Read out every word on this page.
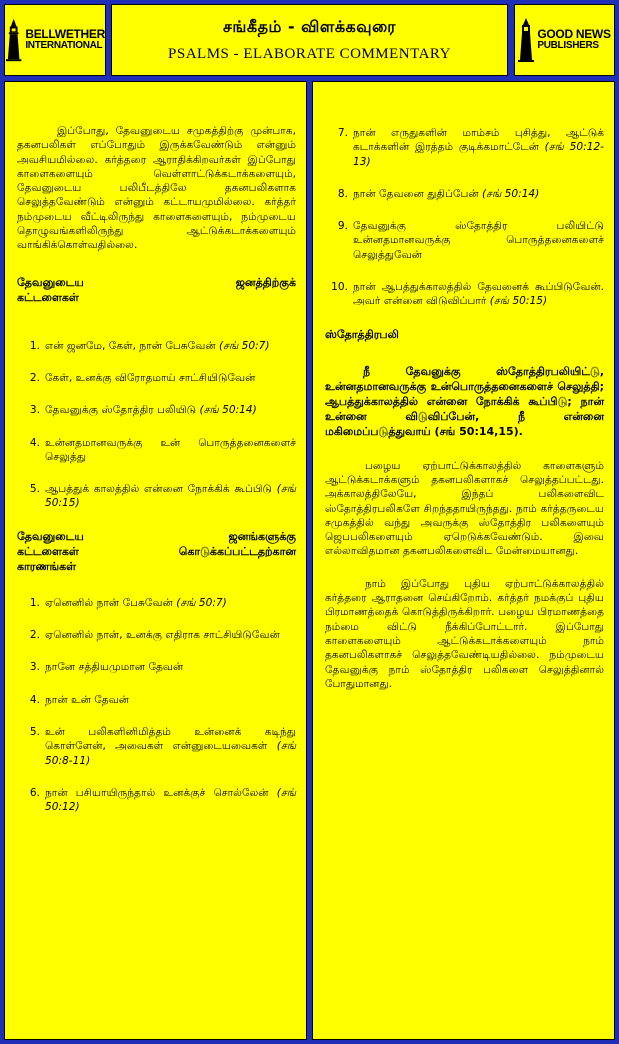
BELLWETHER
INTERNATIONAL
சங்கீதம் - விளக்கவுரை
PSALMS - ELABORATE COMMENTARY
GOOD NEWS
PUBLISHERS

இப்போது, தேவனுடைய சமுகத்திற்கு முன்பாக, தகனபலிகள் எப்போதும் இருக்கவேண்டும் என்னும் அவசியமில்லை. கர்த்தரை ஆராதிக்கிறவர்கள் இப்போது காளைகளையும் வெள்ளாட்டுக்கடாக்களையும், தேவனுடைய பலிபீடத்திலே தகனபலிகளாக செலுத்தவேண்டும் என்னும் கட்டாயமுமில்லை. கர்த்தர் நம்முடைய வீட்டிலிருந்து காளைகளையும், நம்முடைய தொழுவங்களிலிருந்து ஆட்டுக்கடாக்களையும் வாங்கிக்கொள்வதில்லை.

தேவனுடைய ஜனத்திற்குக்
கட்டளைகள்
1. என் ஜனமே, கேள், நான் பேசுவேன் (சங் 50:7)
2. கேள், உனக்கு விரோதமாய் சாட்சியிடுவேன்
3. தேவனுக்கு ஸ்தோத்திர பலியிடு (சங் 50:14)
4. உன்னதமானவருக்கு உன் பொருத்தனைகளைச் செலுத்து
5. ஆபத்துக் காலத்தில் என்னை நோக்கிக் கூப்பிடு (சங் 50:15)
தேவனுடைய ஜனங்களுக்கு
கட்டளைகள் கொடுக்கப்பட்டதற்கான
காரணங்கள்
1. ஏனெனில் நான் பேசுவேன் (சங் 50:7)
2. ஏனெனில் நான், உனக்கு எதிராக சாட்சியிடுவேன்
3. நானே சத்தியமுமான தேவன்
4. நான் உன் தேவன்
5. உன் பலிகளினிமித்தம் உன்னைக் கடிந்து கொள்ளேன், அவைகள் என்னுடையவைகள் (சங் 50:8-11)
6. நான் பசியாயிருந்தால் உனக்குச் சொல்லேன் (சங் 50:12)
7. நான் எருதுகளின் மாம்சம் புசித்து, ஆட்டுக் கடாக்களின் இரத்தம் குடிக்கமாட்டேன் (சங் 50:12-13)
8. நான் தேவனை துதிப்பேன் (சங் 50:14)
9. தேவனுக்கு ஸ்தோத்திர பலியிட்டு உன்னதமானவருக்கு பொருத்தனைகளைச் செலுத்துவேன்
10. நான் ஆபத்துக்காலத்தில் தேவனைக் கூப்பிடுவேன். அவர் என்னை விடுவிப்பார் (சங் 50:15)
ஸ்தோத்திரபலி

நீ தேவனுக்கு ஸ்தோத்திரபலியிட்டு, உன்னதமானவருக்கு உன்பொருத்தனைகளைச் செலுத்தி; ஆபத்துக்காலத்தில் என்னை நோக்கிக் கூப்பிடு; நான் உன்னை விடுவிப்பேன், நீ என்னை மகிமைப்படுத்துவாய் (சங் 50:14,15).

பழைய ஏற்பாட்டுக்காலத்தில் காளைகளும் ஆட்டுக்கடாக்களும் தகனபலிகளாகச் செலுத்தப்பட்டது. அக்காலத்திலேயே, இந்தப் பலிகளைவிட ஸ்தோத்திரபலிகளே சிறந்ததாயிருந்தது. நாம் கர்த்தருடைய சமுகத்தில் வந்து அவருக்கு ஸ்தோத்திர பலிகளையும் ஜெபபலிகளையும் ஏறெடுக்கவேண்டும். இவை எல்லாவிதமான தகனபலிகளைவிட மேன்மையானது.

நாம் இப்போது புதிய ஏற்பாட்டுக்காலத்தில் கர்த்தரை ஆராதனை செய்கிறோம். கர்த்தர் நமக்குப் புதிய பிரமாணத்தைக் கொடுத்திருக்கிறார். பழைய பிரமாணத்தை நம்மை விட்டு நீக்கிப்போட்டார். இப்போது காளைகளையும் ஆட்டுக்கடாக்களையும் நாம் தகனபலிகளாகச் செலுத்தவேண்டியதில்லை. நம்முடைய தேவனுக்கு நாம் ஸ்தோத்திர பலிகளை செலுத்தினால் போதுமானது.
